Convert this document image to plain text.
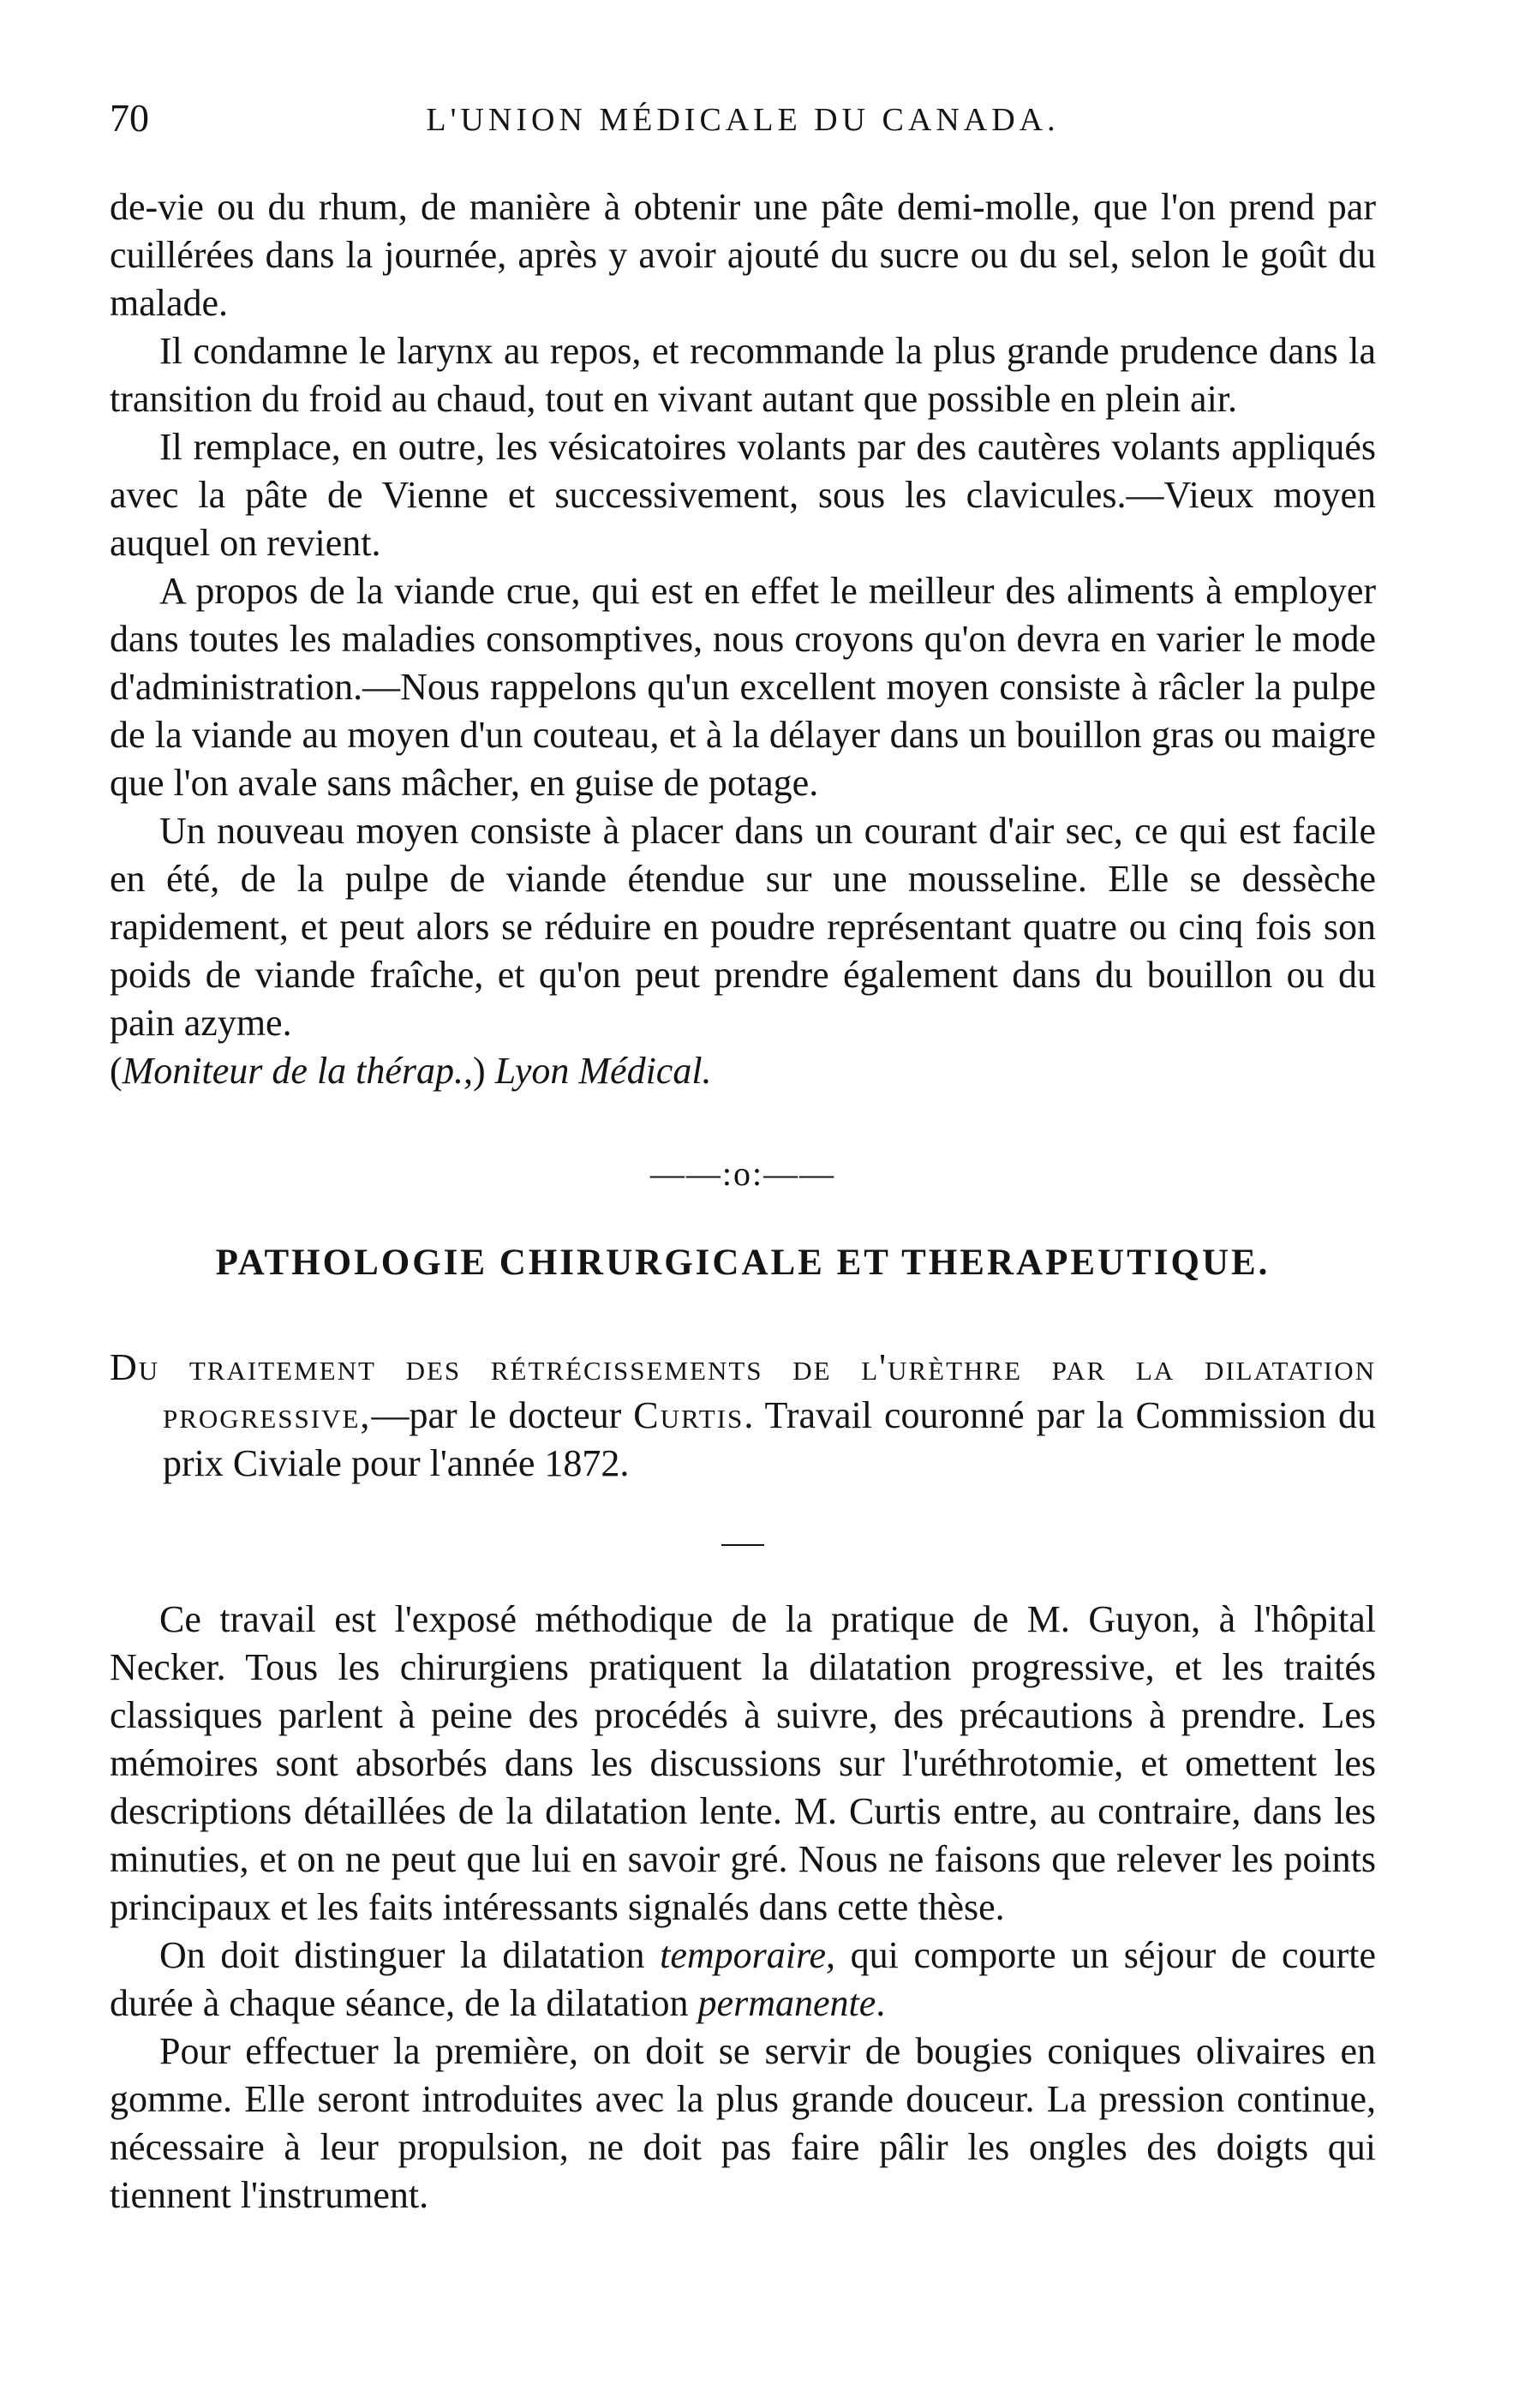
70	L'UNION MÉDICALE DU CANADA.

de-vie ou du rhum, de manière à obtenir une pâte demi-molle, que l'on prend par cuillérées dans la journée, après y avoir ajouté du sucre ou du sel, selon le goût du malade.

Il condamne le larynx au repos, et recommande la plus grande prudence dans la transition du froid au chaud, tout en vivant autant que possible en plein air.

Il remplace, en outre, les vésicatoires volants par des cautères volants appliqués avec la pâte de Vienne et successivement, sous les clavicules.—Vieux moyen auquel on revient.

A propos de la viande crue, qui est en effet le meilleur des aliments à employer dans toutes les maladies consomptives, nous croyons qu'on devra en varier le mode d'administration.—Nous rappelons qu'un excellent moyen consiste à râcler la pulpe de la viande au moyen d'un couteau, et à la délayer dans un bouillon gras ou maigre que l'on avale sans mâcher, en guise de potage.

Un nouveau moyen consiste à placer dans un courant d'air sec, ce qui est facile en été, de la pulpe de viande étendue sur une mousseline. Elle se dessèche rapidement, et peut alors se réduire en poudre représentant quatre ou cinq fois son poids de viande fraîche, et qu'on peut prendre également dans du bouillon ou du pain azyme.

(Moniteur de la thérap.,) Lyon Médical.

——:o:——
PATHOLOGIE CHIRURGICALE ET THERAPEUTIQUE.
Du traitement des rétrécissements de l'urèthre par la dilatation progressive,—par le docteur Curtis. Travail couronné par la Commission du prix Civiale pour l'année 1872.

Ce travail est l'exposé méthodique de la pratique de M. Guyon, à l'hôpital Necker. Tous les chirurgiens pratiquent la dilatation progressive, et les traités classiques parlent à peine des procédés à suivre, des précautions à prendre. Les mémoires sont absorbés dans les discussions sur l'uréthrotomie, et omettent les descriptions détaillées de la dilatation lente. M. Curtis entre, au contraire, dans les minuties, et on ne peut que lui en savoir gré. Nous ne faisons que relever les points principaux et les faits intéressants signalés dans cette thèse.

On doit distinguer la dilatation temporaire, qui comporte un séjour de courte durée à chaque séance, de la dilatation permanente.

Pour effectuer la première, on doit se servir de bougies coniques olivaires en gomme. Elle seront introduites avec la plus grande douceur. La pression continue, nécessaire à leur propulsion, ne doit pas faire pâlir les ongles des doigts qui tiennent l'instrument.
